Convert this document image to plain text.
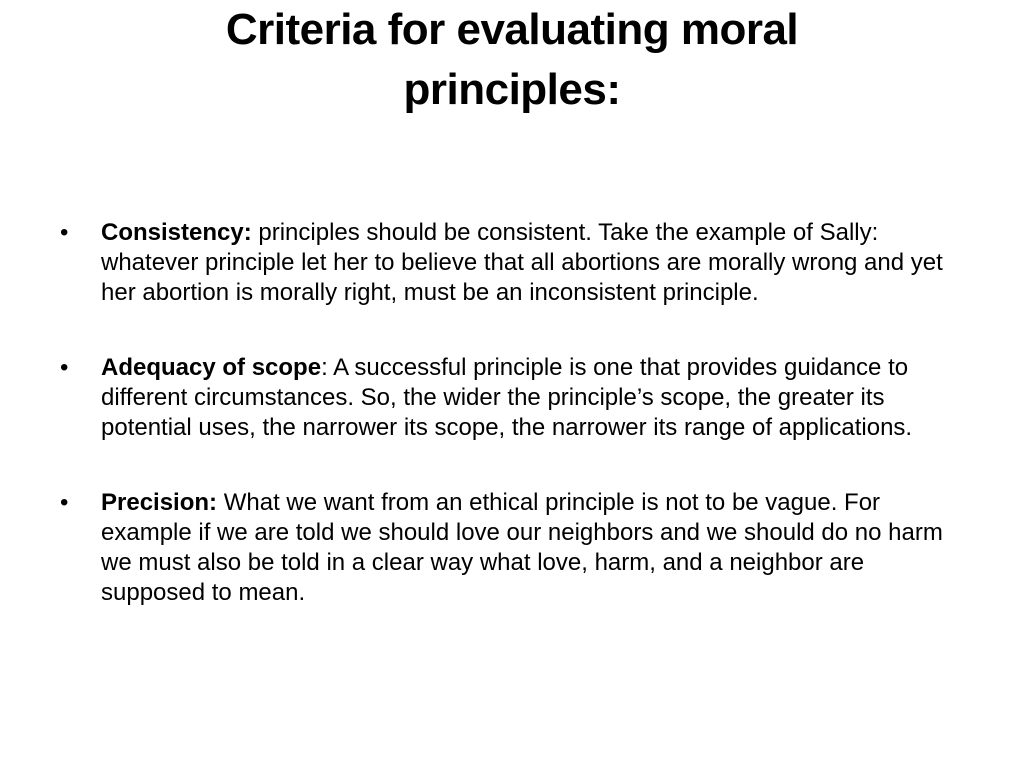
Criteria for evaluating moral
principles:
•	Consistency: principles should be consistent. Take the example of Sally: whatever principle let her to believe that all abortions are morally wrong and yet her abortion is morally right, must be an inconsistent principle.
•	Adequacy of scope: A successful principle is one that provides guidance to different circumstances. So, the wider the principle’s scope, the greater its potential uses, the narrower its scope, the narrower its range of applications.
•	Precision: What we want from an ethical principle is not to be vague. For example if we are told we should love our neighbors and we should do no harm we must also be told in a clear way what love, harm, and a neighbor are supposed to mean.
